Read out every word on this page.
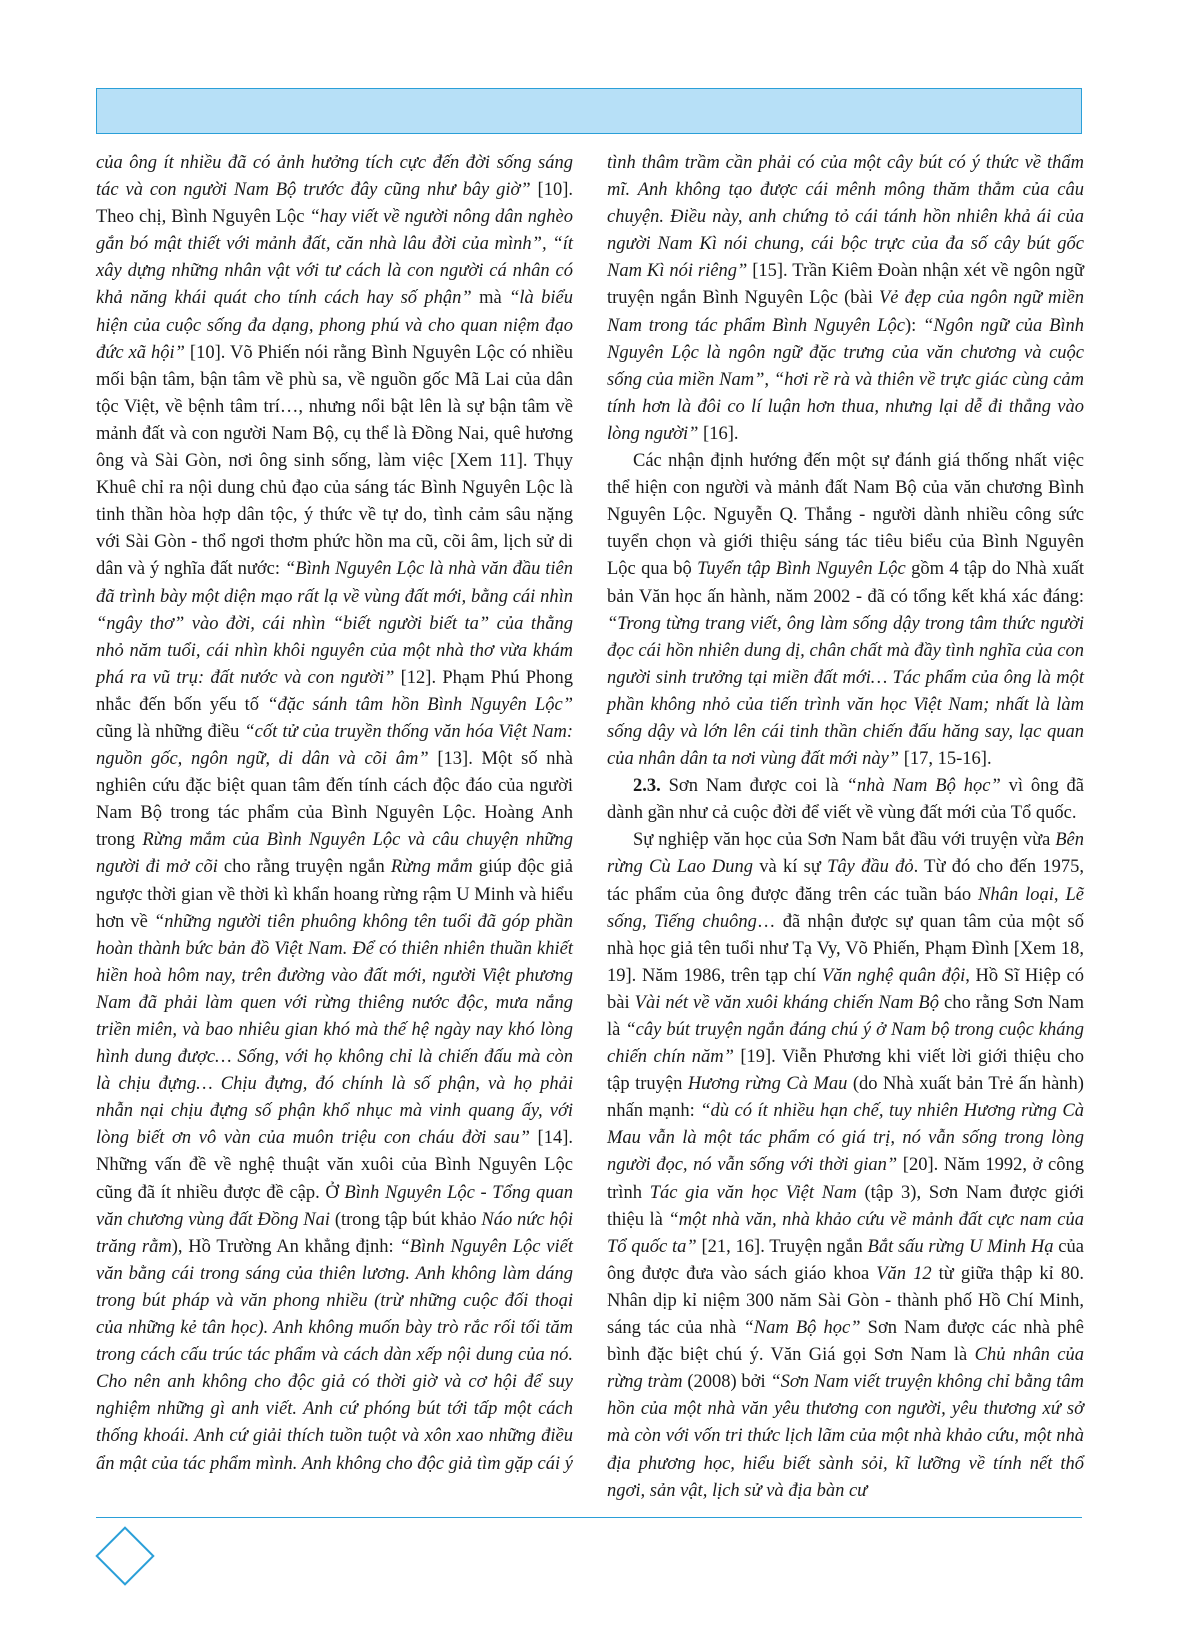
của ông ít nhiều đã có ảnh hưởng tích cực đến đời sống sáng tác và con người Nam Bộ trước đây cũng như bây giờ” [10]. Theo chị, Bình Nguyên Lộc “hay viết về người nông dân nghèo gắn bó mật thiết với mảnh đất, căn nhà lâu đời của mình”, “ít xây dựng những nhân vật với tư cách là con người cá nhân có khả năng khái quát cho tính cách hay số phận” mà “là biểu hiện của cuộc sống đa dạng, phong phú và cho quan niệm đạo đức xã hội” [10]. Võ Phiến nói rằng Bình Nguyên Lộc có nhiều mối bận tâm, bận tâm về phù sa, về nguồn gốc Mã Lai của dân tộc Việt, về bệnh tâm trí…, nhưng nổi bật lên là sự bận tâm về mảnh đất và con người Nam Bộ, cụ thể là Đồng Nai, quê hương ông và Sài Gòn, nơi ông sinh sống, làm việc [Xem 11]. Thụy Khuê chỉ ra nội dung chủ đạo của sáng tác Bình Nguyên Lộc là tinh thần hòa hợp dân tộc, ý thức về tự do, tình cảm sâu nặng với Sài Gòn - thổ ngơi thơm phức hồn ma cũ, cõi âm, lịch sử di dân và ý nghĩa đất nước: “Bình Nguyên Lộc là nhà văn đầu tiên đã trình bày một diện mạo rất lạ về vùng đất mới, bằng cái nhìn “ngây thơ” vào đời, cái nhìn “biết người biết ta” của thằng nhỏ năm tuổi, cái nhìn khôi nguyên của một nhà thơ vừa khám phá ra vũ trụ: đất nước và con người” [12]. Phạm Phú Phong nhắc đến bốn yếu tố “đặc sánh tâm hồn Bình Nguyên Lộc” cũng là những điều “cốt tử của truyền thống văn hóa Việt Nam: nguồn gốc, ngôn ngữ, di dân và cõi âm” [13]. Một số nhà nghiên cứu đặc biệt quan tâm đến tính cách độc đáo của người Nam Bộ trong tác phẩm của Bình Nguyên Lộc. Hoàng Anh trong Rừng mắm của Bình Nguyên Lộc và câu chuyện những người đi mở cõi cho rằng truyện ngắn Rừng mắm giúp độc giả ngược thời gian về thời kì khẩn hoang rừng rậm U Minh và hiểu hơn về “những người tiên phuông không tên tuổi đã góp phần hoàn thành bức bản đồ Việt Nam. Để có thiên nhiên thuần khiết hiền hoà hôm nay, trên đường vào đất mới, người Việt phương Nam đã phải làm quen với rừng thiêng nước độc, mưa nắng triền miên, và bao nhiêu gian khó mà thế hệ ngày nay khó lòng hình dung được… Sống, với họ không chỉ là chiến đấu mà còn là chịu đựng… Chịu đựng, đó chính là số phận, và họ phải nhẫn nại chịu đựng số phận khổ nhục mà vinh quang ấy, với lòng biết ơn vô vàn của muôn triệu con cháu đời sau” [14]. Những vấn đề về nghệ thuật văn xuôi của Bình Nguyên Lộc cũng đã ít nhiều được đề cập. Ở Bình Nguyên Lộc - Tổng quan văn chương vùng đất Đồng Nai (trong tập bút khảo Náo nức hội trăng rằm), Hồ Trường An khẳng định: “Bình Nguyên Lộc viết văn bằng cái trong sáng của thiên lương. Anh không làm dáng trong bút pháp và văn phong nhiều (trừ những cuộc đối thoại của những kẻ tân học). Anh không muốn bày trò rắc rối tối tăm trong cách cấu trúc tác phẩm và cách dàn xếp nội dung của nó. Cho nên anh không cho độc giả có thời giờ và cơ hội để suy nghiệm những gì anh viết. Anh cứ phóng bút tới tấp một cách thống khoái. Anh cứ giải thích tuồn tuột và xôn xao những điều ẩn mật của tác phẩm mình. Anh không cho độc giả tìm gặp cái ý

tình thâm trầm cần phải có của một cây bút có ý thức về thẩm mĩ. Anh không tạo được cái mênh mông thăm thẳm của câu chuyện. Điều này, anh chứng tỏ cái tánh hồn nhiên khả ái của người Nam Kì nói chung, cái bộc trực của đa số cây bút gốc Nam Kì nói riêng” [15]. Trần Kiêm Đoàn nhận xét về ngôn ngữ truyện ngắn Bình Nguyên Lộc (bài Vẻ đẹp của ngôn ngữ miền Nam trong tác phẩm Bình Nguyên Lộc): “Ngôn ngữ của Bình Nguyên Lộc là ngôn ngữ đặc trưng của văn chương và cuộc sống của miền Nam”, “hơi rề rà và thiên về trực giác cùng cảm tính hơn là đôi co lí luận hơn thua, nhưng lại dễ đi thẳng vào lòng người” [16].

Các nhận định hướng đến một sự đánh giá thống nhất việc thể hiện con người và mảnh đất Nam Bộ của văn chương Bình Nguyên Lộc. Nguyễn Q. Thắng - người dành nhiều công sức tuyển chọn và giới thiệu sáng tác tiêu biểu của Bình Nguyên Lộc qua bộ Tuyển tập Bình Nguyên Lộc gồm 4 tập do Nhà xuất bản Văn học ấn hành, năm 2002 - đã có tổng kết khá xác đáng: “Trong từng trang viết, ông làm sống dậy trong tâm thức người đọc cái hồn nhiên dung dị, chân chất mà đầy tình nghĩa của con người sinh trưởng tại miền đất mới… Tác phẩm của ông là một phần không nhỏ của tiến trình văn học Việt Nam; nhất là làm sống dậy và lớn lên cái tinh thần chiến đấu hăng say, lạc quan của nhân dân ta nơi vùng đất mới này” [17, 15-16].

2.3. Sơn Nam được coi là “nhà Nam Bộ học” vì ông đã dành gần như cả cuộc đời để viết về vùng đất mới của Tổ quốc.

Sự nghiệp văn học của Sơn Nam bắt đầu với truyện vừa Bên rừng Cù Lao Dung và kí sự Tây đầu đỏ. Từ đó cho đến 1975, tác phẩm của ông được đăng trên các tuần báo Nhân loại, Lẽ sống, Tiếng chuông… đã nhận được sự quan tâm của một số nhà học giả tên tuổi như Tạ Vy, Võ Phiến, Phạm Đình [Xem 18, 19]. Năm 1986, trên tạp chí Văn nghệ quân đội, Hồ Sĩ Hiệp có bài Vài nét về văn xuôi kháng chiến Nam Bộ cho rằng Sơn Nam là “cây bút truyện ngắn đáng chú ý ở Nam bộ trong cuộc kháng chiến chín năm” [19]. Viễn Phương khi viết lời giới thiệu cho tập truyện Hương rừng Cà Mau (do Nhà xuất bản Trẻ ấn hành) nhấn mạnh: “dù có ít nhiều hạn chế, tuy nhiên Hương rừng Cà Mau vẫn là một tác phẩm có giá trị, nó vẫn sống trong lòng người đọc, nó vẫn sống với thời gian” [20]. Năm 1992, ở công trình Tác gia văn học Việt Nam (tập 3), Sơn Nam được giới thiệu là “một nhà văn, nhà khảo cứu về mảnh đất cực nam của Tổ quốc ta” [21, 16]. Truyện ngắn Bắt sấu rừng U Minh Hạ của ông được đưa vào sách giáo khoa Văn 12 từ giữa thập kỉ 80. Nhân dịp kỉ niệm 300 năm Sài Gòn - thành phố Hồ Chí Minh, sáng tác của nhà “Nam Bộ học” Sơn Nam được các nhà phê bình đặc biệt chú ý. Văn Giá gọi Sơn Nam là Chủ nhân của rừng tràm (2008) bởi “Sơn Nam viết truyện không chỉ bằng tâm hồn của một nhà văn yêu thương con người, yêu thương xứ sở mà còn với vốn tri thức lịch lãm của một nhà khảo cứu, một nhà địa phương học, hiểu biết sành sỏi, kĩ lưỡng về tính nết thổ ngơi, sản vật, lịch sử và địa bàn cư
